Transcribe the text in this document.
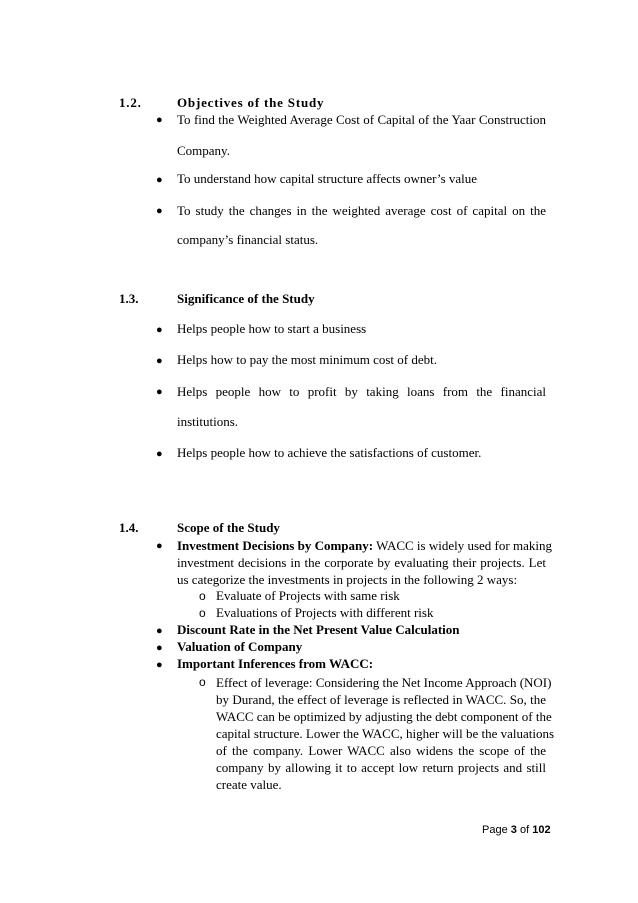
1.2.	Objectives of the Study
● To find the Weighted Average Cost of Capital of the Yaar Construction
Company.
● To understand how capital structure affects owner’s value
● To study the changes in the weighted average cost of capital on the
company’s financial status.
1.3.	Significance of the Study
● Helps people how to start a business
● Helps how to pay the most minimum cost of debt.
● Helps people how to profit by taking loans from the financial
institutions.
● Helps people how to achieve the satisfactions of customer.
1.4.	Scope of the Study
● Investment Decisions by Company: WACC is widely used for making
investment decisions in the corporate by evaluating their projects. Let
us categorize the investments in projects in the following 2 ways:
o Evaluate of Projects with same risk
o Evaluations of Projects with different risk
● Discount Rate in the Net Present Value Calculation
● Valuation of Company
● Important Inferences from WACC:
o Effect of leverage: Considering the Net Income Approach (NOI)
by Durand, the effect of leverage is reflected in WACC. So, the
WACC can be optimized by adjusting the debt component of the
capital structure. Lower the WACC, higher will be the valuations
of the company. Lower WACC also widens the scope of the
company by allowing it to accept low return projects and still
create value.
Page 3 of 102
